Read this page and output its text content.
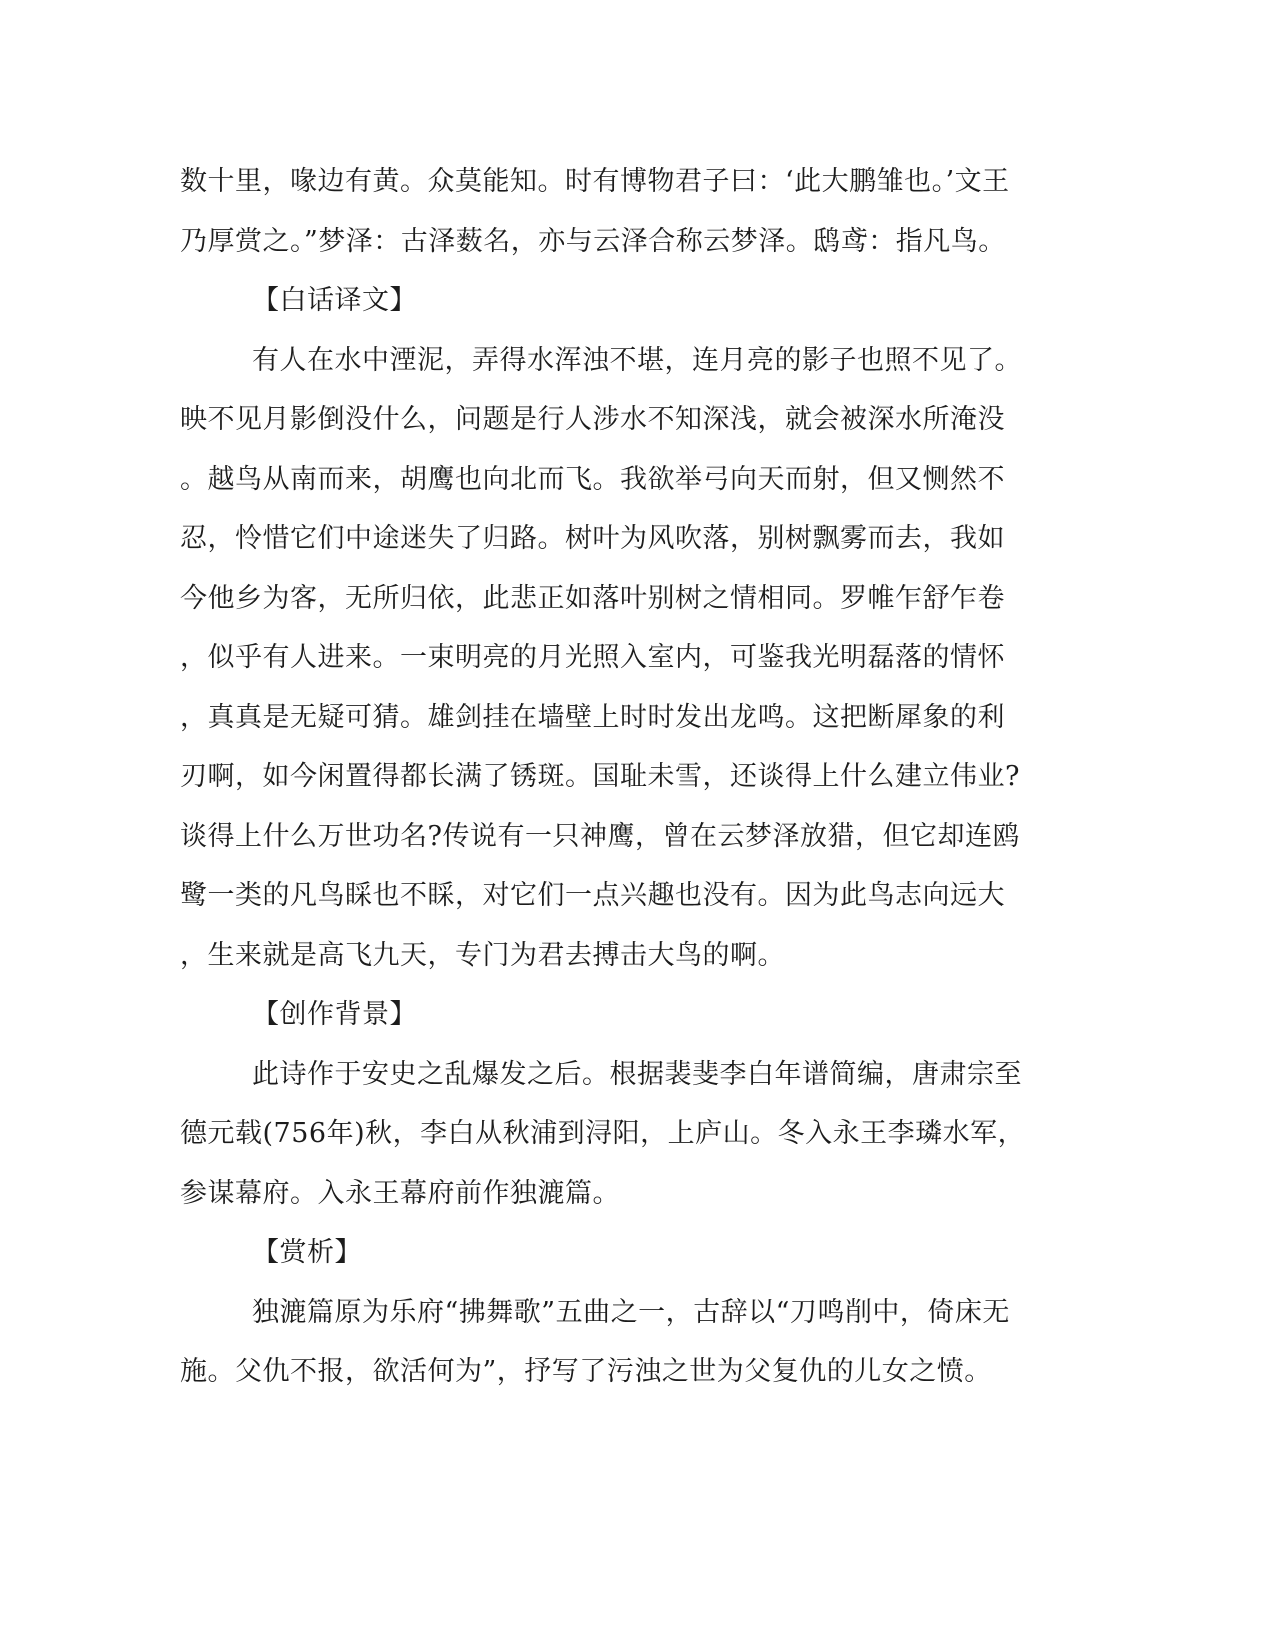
数十里，喙边有黄。众莫能知。时有博物君子曰：‘此大鹏雏也。’文王
乃厚赏之。”梦泽：古泽薮名，亦与云泽合称云梦泽。鸱鸢：指凡鸟。
【白话译文】
有人在水中湮泥，弄得水浑浊不堪，连月亮的影子也照不见了。
映不见月影倒没什么，问题是行人涉水不知深浅，就会被深水所淹没
。越鸟从南而来，胡鹰也向北而飞。我欲举弓向天而射，但又恻然不
忍，怜惜它们中途迷失了归路。树叶为风吹落，别树飘雾而去，我如
今他乡为客，无所归依，此悲正如落叶别树之情相同。罗帷乍舒乍卷
，似乎有人进来。一束明亮的月光照入室内，可鉴我光明磊落的情怀
，真真是无疑可猜。雄剑挂在墙壁上时时发出龙鸣。这把断犀象的利
刃啊，如今闲置得都长满了锈斑。国耻未雪，还谈得上什么建立伟业?
谈得上什么万世功名?传说有一只神鹰，曾在云梦泽放猎，但它却连鸥
鹭一类的凡鸟睬也不睬，对它们一点兴趣也没有。因为此鸟志向远大
，生来就是高飞九天，专门为君去搏击大鸟的啊。
【创作背景】
此诗作于安史之乱爆发之后。根据裴斐李白年谱简编，唐肃宗至
德元载(756年)秋，李白从秋浦到浔阳，上庐山。冬入永王李璘水军，
参谋幕府。入永王幕府前作独漉篇。
【赏析】
独漉篇原为乐府“拂舞歌”五曲之一，古辞以“刀鸣削中，倚床无
施。父仇不报，欲活何为”，抒写了污浊之世为父复仇的儿女之愤。
